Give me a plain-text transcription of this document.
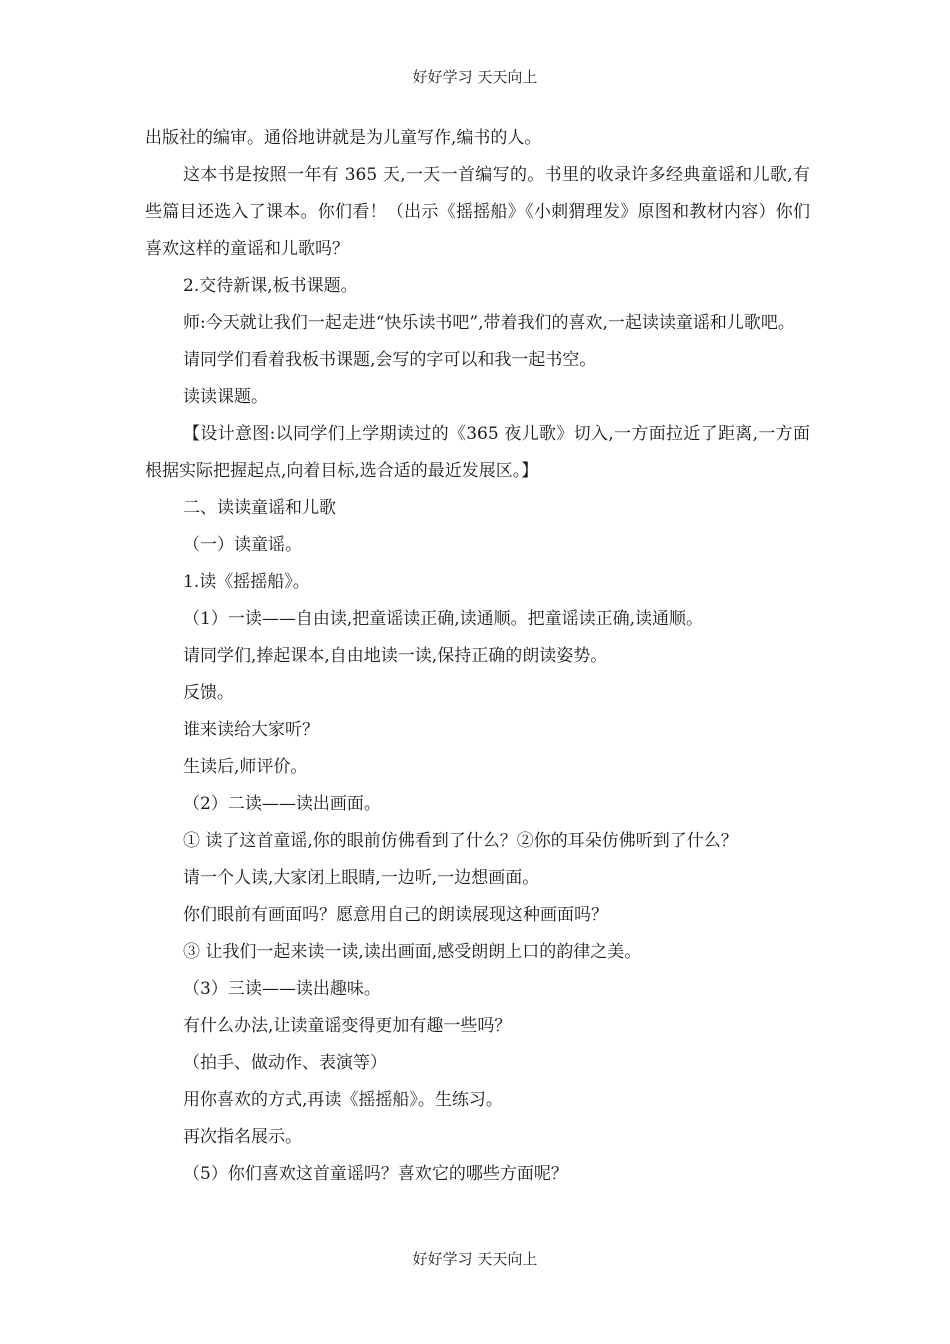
好好学习 天天向上

出版社的编审。通俗地讲就是为儿童写作,编书的人。

这本书是按照一年有 365 天,一天一首编写的。书里的收录许多经典童谣和儿歌,有些篇目还选入了课本。你们看！（出示《摇摇船》《小刺猬理发》原图和教材内容）你们喜欢这样的童谣和儿歌吗？

2.交待新课,板书课题。

师:今天就让我们一起走进“快乐读书吧”,带着我们的喜欢,一起读读童谣和儿歌吧。

请同学们看着我板书课题,会写的字可以和我一起书空。

读读课题。

【设计意图:以同学们上学期读过的《365 夜儿歌》切入,一方面拉近了距离,一方面根据实际把握起点,向着目标,选合适的最近发展区。】

二、读读童谣和儿歌

（一）读童谣。

1.读《摇摇船》。

（1）一读——自由读,把童谣读正确,读通顺。把童谣读正确,读通顺。

请同学们,捧起课本,自由地读一读,保持正确的朗读姿势。

反馈。

谁来读给大家听？

生读后,师评价。

（2）二读——读出画面。

① 读了这首童谣,你的眼前仿佛看到了什么？②你的耳朵仿佛听到了什么？

请一个人读,大家闭上眼睛,一边听,一边想画面。

你们眼前有画面吗？愿意用自己的朗读展现这种画面吗？

③ 让我们一起来读一读,读出画面,感受朗朗上口的韵律之美。

（3）三读——读出趣味。

有什么办法,让读童谣变得更加有趣一些吗？

（拍手、做动作、表演等）

用你喜欢的方式,再读《摇摇船》。生练习。

再次指名展示。

（5）你们喜欢这首童谣吗？喜欢它的哪些方面呢？

好好学习 天天向上
